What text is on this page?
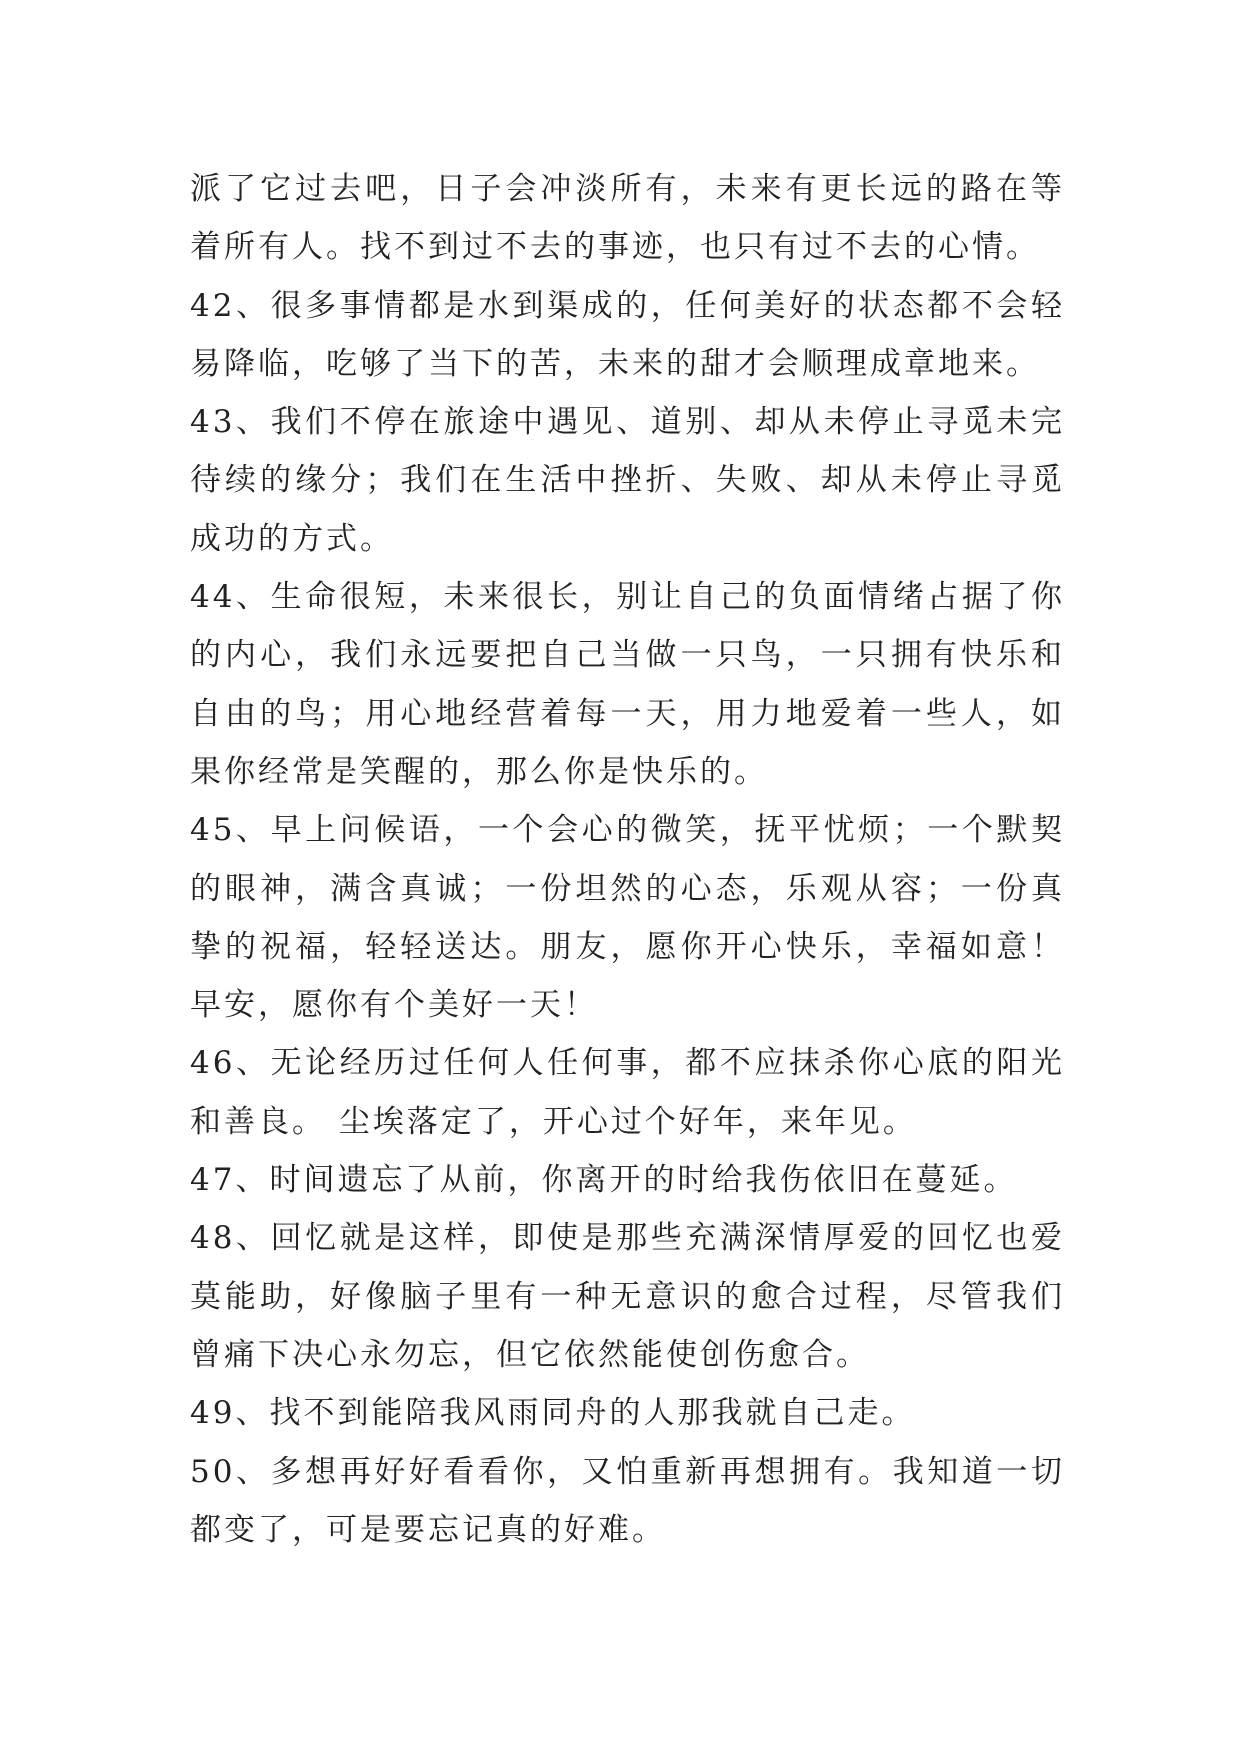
派了它过去吧，日子会冲淡所有，未来有更长远的路在等着所有人。找不到过不去的事迹，也只有过不去的心情。

42、很多事情都是水到渠成的，任何美好的状态都不会轻易降临，吃够了当下的苦，未来的甜才会顺理成章地来。

43、我们不停在旅途中遇见、道别、却从未停止寻觅未完待续的缘分；我们在生活中挫折、失败、却从未停止寻觅成功的方式。

44、生命很短，未来很长，别让自己的负面情绪占据了你的内心，我们永远要把自己当做一只鸟，一只拥有快乐和自由的鸟；用心地经营着每一天，用力地爱着一些人，如果你经常是笑醒的，那么你是快乐的。

45、早上问候语，一个会心的微笑，抚平忧烦；一个默契的眼神，满含真诚；一份坦然的心态，乐观从容；一份真挚的祝福，轻轻送达。朋友，愿你开心快乐，幸福如意！早安，愿你有个美好一天！

46、无论经历过任何人任何事，都不应抹杀你心底的阳光和善良。 尘埃落定了，开心过个好年，来年见。

47、时间遗忘了从前，你离开的时给我伤依旧在蔓延。

48、回忆就是这样，即使是那些充满深情厚爱的回忆也爱莫能助，好像脑子里有一种无意识的愈合过程，尽管我们曾痛下决心永勿忘，但它依然能使创伤愈合。

49、找不到能陪我风雨同舟的人那我就自己走。

50、多想再好好看看你，又怕重新再想拥有。我知道一切都变了，可是要忘记真的好难。
